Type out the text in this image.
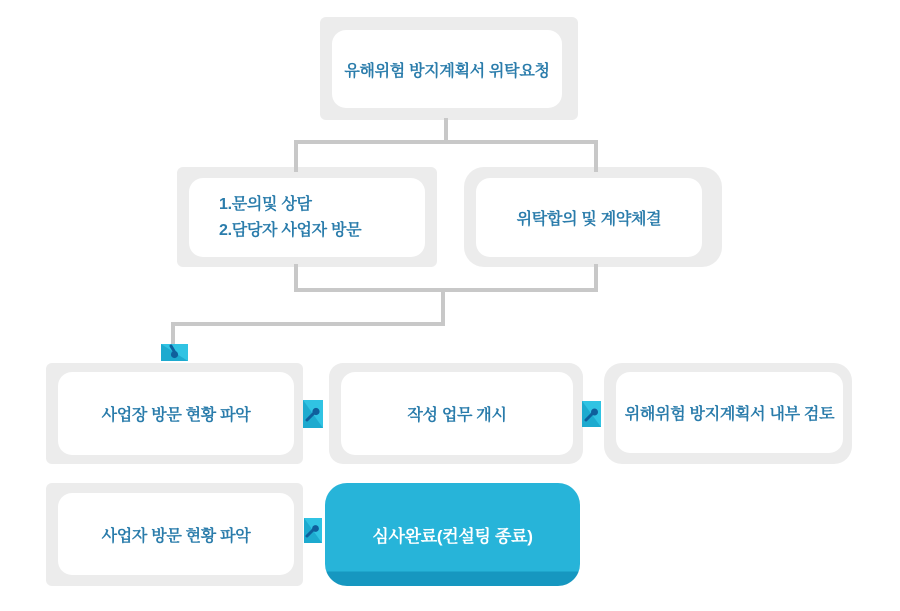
유해위험 방지계획서 위탁요청
1.문의및 상담
2.담당자 사업자 방문
위탁합의 및 계약체결
사업장 방문 현황 파악	작성 업무 개시	위해위험 방지계획서 내부 검토
사업자 방문 현황 파악	심사완료(컨설팅 종료)
